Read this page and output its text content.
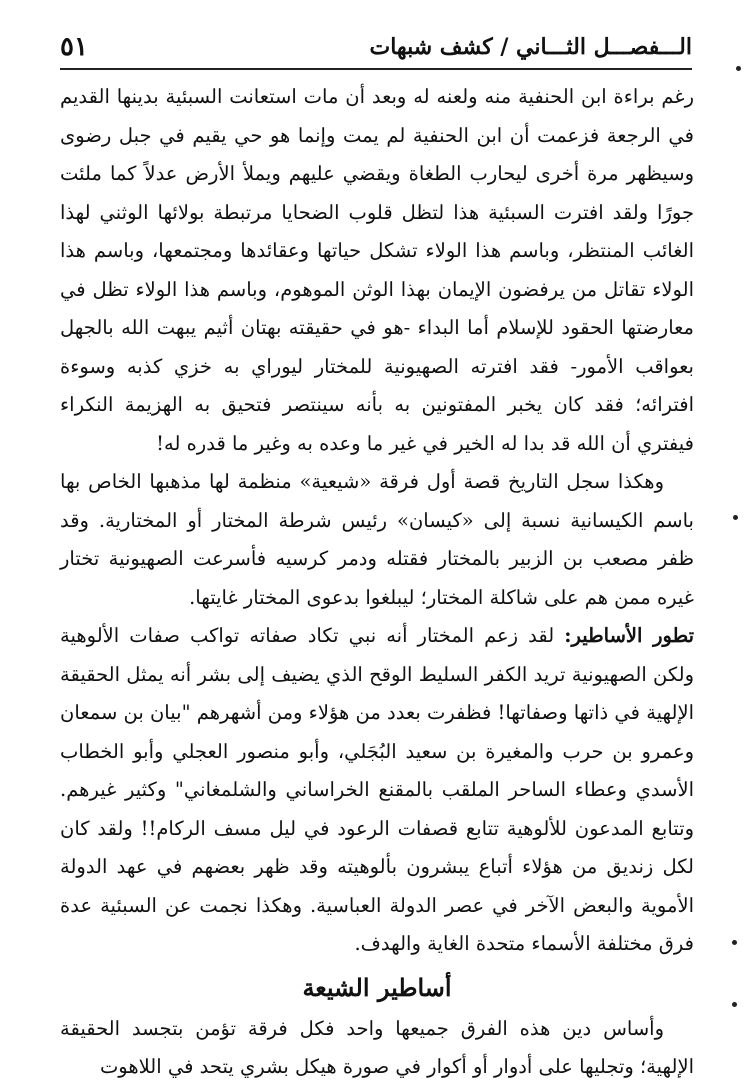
٥١	الـــفصـــل الثـــاني / كشف شبهات

رغم براءة ابن الحنفية منه ولعنه له وبعد أن مات استعانت السبئية بدينها القديم في الرجعة فزعمت أن ابن الحنفية لم يمت وإنما هو حي يقيم في جبل رضوى وسيظهر مرة أخرى ليحارب الطغاة ويقضي عليهم ويملأ الأرض عدلاً كما ملئت جورًا ولقد افترت السبئية هذا لتظل قلوب الضحايا مرتبطة بولائها الوثني لهذا الغائب المنتظر، وباسم هذا الولاء تشكل حياتها وعقائدها ومجتمعها، وباسم هذا الولاء تقاتل من يرفضون الإيمان بهذا الوثن الموهوم، وباسم هذا الولاء تظل في معارضتها الحقود للإسلام أما البداء -هو في حقيقته بهتان أثيم يبهت الله بالجهل بعواقب الأمور- فقد افترته الصهيونية للمختار ليوراي به خزي كذبه وسوءة افترائه؛ فقد كان يخبر المفتونين به بأنه سينتصر فتحيق به الهزيمة النكراء فيفتري أن الله قد بدا له الخير في غير ما وعده به وغير ما قدره له!

وهكذا سجل التاريخ قصة أول فرقة «شيعية» منظمة لها مذهبها الخاص بها باسم الكيسانية نسبة إلى «كيسان» رئيس شرطة المختار أو المختارية. وقد ظفر مصعب بن الزبير بالمختار فقتله ودمر كرسيه فأسرعت الصهيونية تختار غيره ممن هم على شاكلة المختار؛ ليبلغوا بدعوى المختار غايتها.

تطور الأساطير: لقد زعم المختار أنه نبي تكاد صفاته تواكب صفات الألوهية ولكن الصهيونية تريد الكفر السليط الوقح الذي يضيف إلى بشر أنه يمثل الحقيقة الإلهية في ذاتها وصفاتها! فظفرت بعدد من هؤلاء ومن أشهرهم "بيان بن سمعان وعمرو بن حرب والمغيرة بن سعيد البُجَلي، وأبو منصور العجلي وأبو الخطاب الأسدي وعطاء الساحر الملقب بالمقنع الخراساني والشلمغاني" وكثير غيرهم. وتتابع المدعون للألوهية تتابع قصفات الرعود في ليل مسف الركام!! ولقد كان لكل زنديق من هؤلاء أتباع يبشرون بألوهيته وقد ظهر بعضهم في عهد الدولة الأموية والبعض الآخر في عصر الدولة العباسية. وهكذا نجمت عن السبئية عدة فرق مختلفة الأسماء متحدة الغاية والهدف.

أساطير الشيعة

وأساس دين هذه الفرق جميعها واحد فكل فرقة تؤمن بتجسد الحقيقة الإلهية؛ وتجليها على أدوار أو أكوار في صورة هيكل بشري يتحد في اللاهوت
